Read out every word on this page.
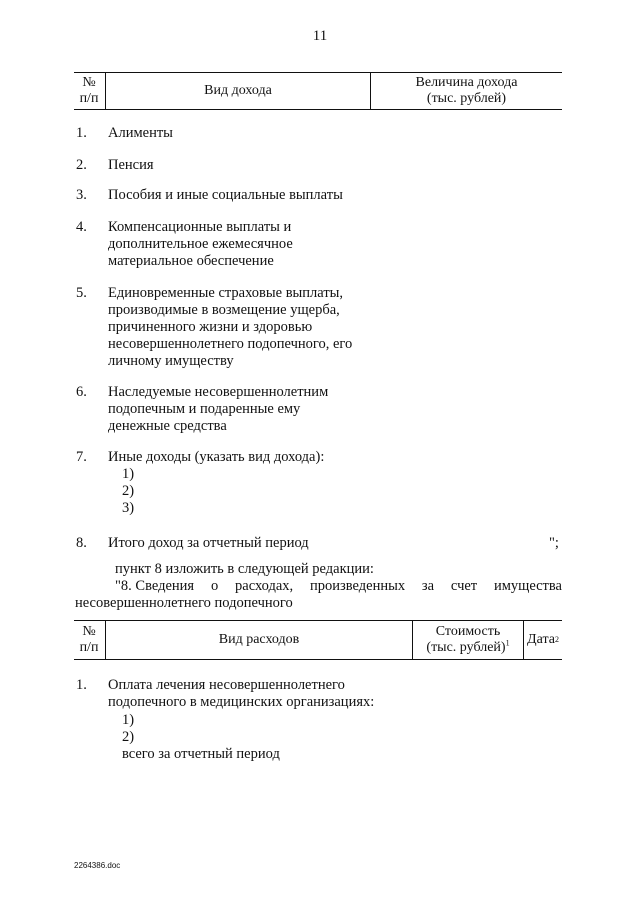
11
№
п/п
Вид дохода
Величина дохода
(тыс. рублей)
1. Алименты
2. Пенсия
3. Пособия и иные социальные выплаты
4. Компенсационные выплаты и
дополнительное ежемесячное
материальное обеспечение
5. Единовременные страховые выплаты,
производимые в возмещение ущерба,
причиненного жизни и здоровью
несовершеннолетнего подопечного, его
личному имуществу
6. Наследуемые несовершеннолетним
подопечным и подаренные ему
денежные средства
7. Иные доходы (указать вид дохода):
1)
2)
3)
8. Итого доход за отчетный период	";
пункт 8 изложить в следующей редакции:
"8. Сведения о расходах, произведенных за счет имущества
несовершеннолетнего подопечного
№
п/п
Вид расходов
Стоимость
(тыс. рублей)$^1$ Дата 2
1. Оплата лечения несовершеннолетнего
подопечного в медицинских организациях:
1)
2)
всего за отчетный период
2264386.doc
